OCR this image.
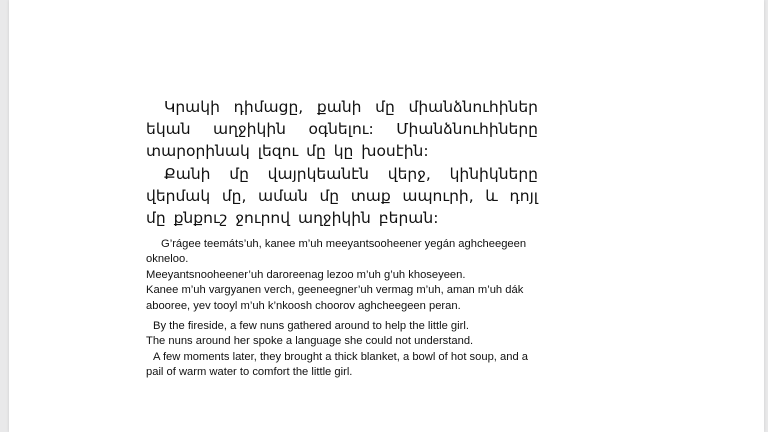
Կրակի դիմացը, քանի մը միանձնուհիներ եկան աղջիկին օգնելու: Միանձնուհիները տարօրինակ լեզու մը կը խօսէին:

Քանի մը վայրկեանէն վերջ, կինիկները վերմակ մը, աման մը տաք ապուրի, և դոյլ մը քնքուշ ջուրով աղջիկին բերան:

G’rágee teemáts’uh, kanee m’uh meeyantsooheener yegán aghcheegeen okneloo.

Meeyantsnooheener’uh daroreenag lezoo m’uh g’uh khoseyeen.

Kanee m’uh vargyanen verch, geeneegner’uh vermag m’uh, aman m’uh dák aboorее, yev tooyl m’uh k’nkoosh choorov aghcheegeen peran.

By the fireside, a few nuns gathered around to help the little girl.

The nuns around her spoke a language she could not understand.

A few moments later, they brought a thick blanket, a bowl of hot soup, and a pail of warm water to comfort the little girl.
